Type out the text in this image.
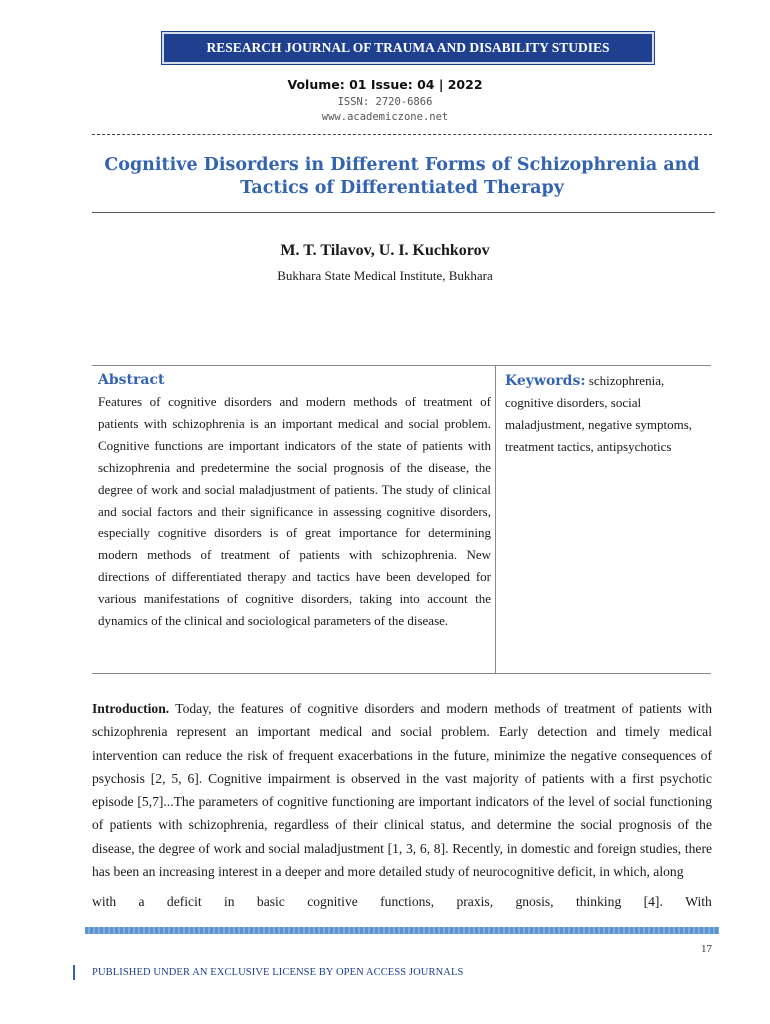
RESEARCH JOURNAL OF TRAUMA AND DISABILITY STUDIES
Volume: 01 Issue: 04 | 2022
ISSN: 2720-6866
www.academiczone.net
Cognitive Disorders in Different Forms of Schizophrenia and
Tactics of Differentiated Therapy
M. T. Tilavov, U. I. Kuchkorov
Bukhara State Medical Institute, Bukhara
Abstract
Features of cognitive disorders and modern methods of treatment of patients with schizophrenia is an important medical and social problem. Cognitive functions are important indicators of the state of patients with schizophrenia and predetermine the social prognosis of the disease, the degree of work and social maladjustment of patients. The study of clinical and social factors and their significance in assessing cognitive disorders, especially cognitive disorders is of great importance for determining modern methods of treatment of patients with schizophrenia. New directions of differentiated therapy and tactics have been developed for various manifestations of cognitive disorders, taking into account the dynamics of the clinical and sociological parameters of the disease.
Keywords: schizophrenia, cognitive disorders, social maladjustment, negative symptoms, treatment tactics, antipsychotics
Introduction. Today, the features of cognitive disorders and modern methods of treatment of patients with schizophrenia represent an important medical and social problem. Early detection and timely medical intervention can reduce the risk of frequent exacerbations in the future, minimize the negative consequences of psychosis [2, 5, 6]. Cognitive impairment is observed in the vast majority of patients with a first psychotic episode [5,7]...The parameters of cognitive functioning are important indicators of the level of social functioning of patients with schizophrenia, regardless of their clinical status, and determine the social prognosis of the disease, the degree of work and social maladjustment [1, 3, 6, 8]. Recently, in domestic and foreign studies, there has been an increasing interest in a deeper and more detailed study of neurocognitive deficit, in which, along
with a deficit in basic cognitive functions, praxis, gnosis, thinking [4]. With
17
PUBLISHED UNDER AN EXCLUSIVE LICENSE BY OPEN ACCESS JOURNALS
